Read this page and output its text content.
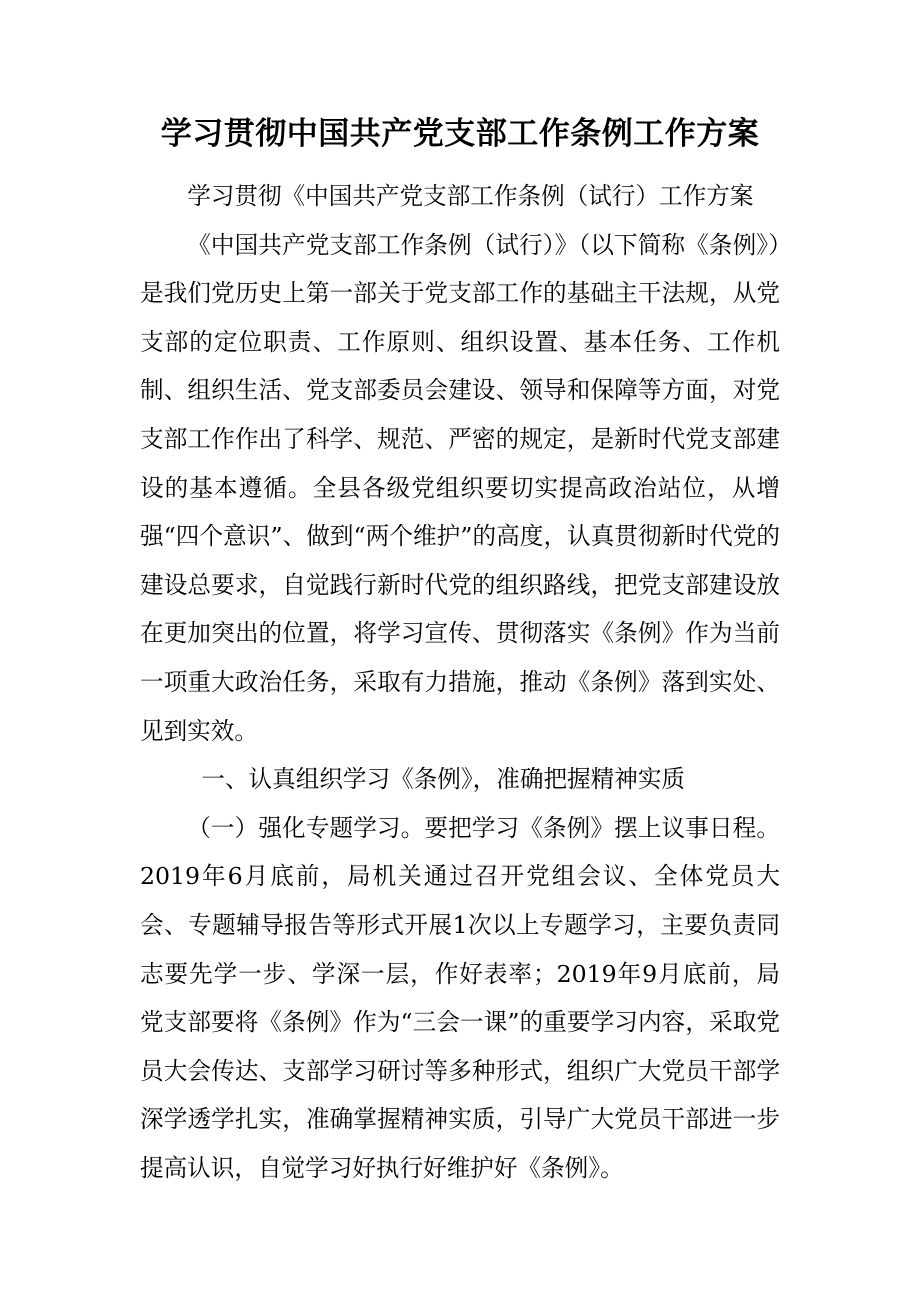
学习贯彻中国共产党支部工作条例工作方案

学习贯彻《中国共产党支部工作条例（试行）工作方案

《中国共产党支部工作条例（试行）》（以下简称《条例》）是我们党历史上第一部关于党支部工作的基础主干法规，从党支部的定位职责、工作原则、组织设置、基本任务、工作机制、组织生活、党支部委员会建设、领导和保障等方面，对党支部工作作出了科学、规范、严密的规定，是新时代党支部建设的基本遵循。全县各级党组织要切实提高政治站位，从增强“四个意识”、做到“两个维护”的高度，认真贯彻新时代党的建设总要求，自觉践行新时代党的组织路线，把党支部建设放在更加突出的位置，将学习宣传、贯彻落实《条例》作为当前一项重大政治任务，采取有力措施，推动《条例》落到实处、见到实效。

一、认真组织学习《条例》，准确把握精神实质

（一）强化专题学习。要把学习《条例》摆上议事日程。2019年6月底前，局机关通过召开党组会议、全体党员大会、专题辅导报告等形式开展1次以上专题学习，主要负责同志要先学一步、学深一层，作好表率；2019年9月底前，局党支部要将《条例》作为“三会一课”的重要学习内容，采取党员大会传达、支部学习研讨等多种形式，组织广大党员干部学深学透学扎实，准确掌握精神实质，引导广大党员干部进一步提高认识，自觉学习好执行好维护好《条例》。
